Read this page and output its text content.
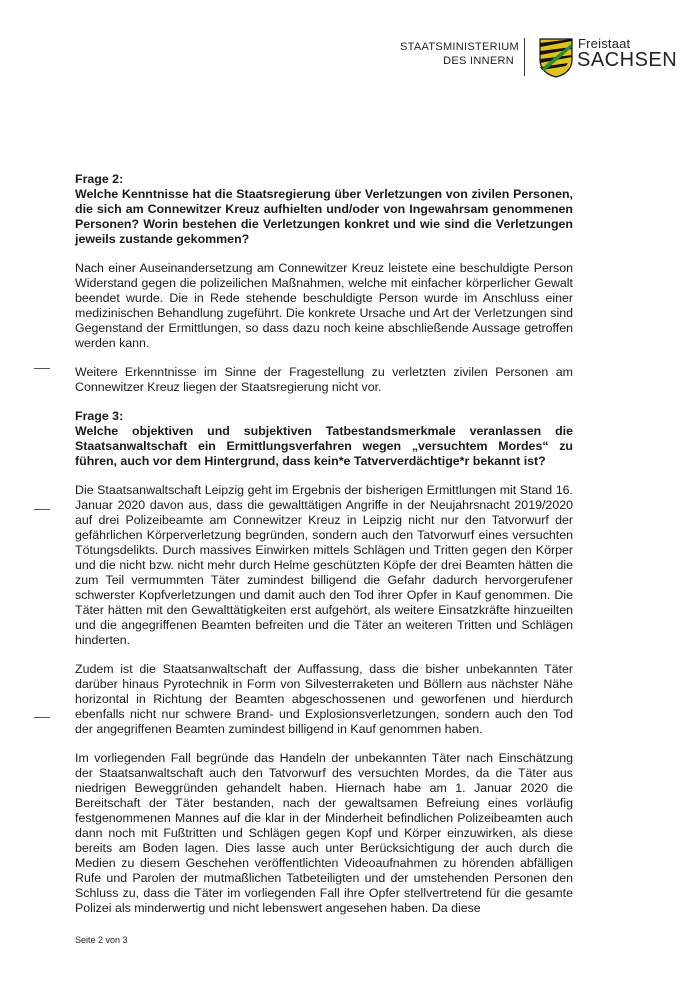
STAATSMINISTERIUM
DES INNERN
Freistaat
SACHSEN

Frage 2:

Welche Kenntnisse hat die Staatsregierung über Verletzungen von zivilen Personen, die sich am Connewitzer Kreuz aufhielten und/oder von Ingewahrsam genommenen Personen? Worin bestehen die Verletzungen konkret und wie sind die Verletzungen jeweils zustande gekommen?

Nach einer Auseinandersetzung am Connewitzer Kreuz leistete eine beschuldigte Person Widerstand gegen die polizeilichen Maßnahmen, welche mit einfacher körperlicher Gewalt beendet wurde. Die in Rede stehende beschuldigte Person wurde im Anschluss einer medizinischen Behandlung zugeführt. Die konkrete Ursache und Art der Verletzungen sind Gegenstand der Ermittlungen, so dass dazu noch keine abschließende Aussage getroffen werden kann.

Weitere Erkenntnisse im Sinne der Fragestellung zu verletzten zivilen Personen am Connewitzer Kreuz liegen der Staatsregierung nicht vor.

Frage 3:

Welche objektiven und subjektiven Tatbestandsmerkmale veranlassen die Staatsanwaltschaft ein Ermittlungsverfahren wegen „versuchtem Mordes“ zu führen, auch vor dem Hintergrund, dass kein*e Tatververdächtige*r bekannt ist?

Die Staatsanwaltschaft Leipzig geht im Ergebnis der bisherigen Ermittlungen mit Stand 16. Januar 2020 davon aus, dass die gewalttätigen Angriffe in der Neujahrsnacht 2019/2020 auf drei Polizeibeamte am Connewitzer Kreuz in Leipzig nicht nur den Tatvorwurf der gefährlichen Körperverletzung begründen, sondern auch den Tatvorwurf eines versuchten Tötungsdelikts. Durch massives Einwirken mittels Schlägen und Tritten gegen den Körper und die nicht bzw. nicht mehr durch Helme geschützten Köpfe der drei Beamten hätten die zum Teil vermummten Täter zumindest billigend die Gefahr dadurch hervorgerufener schwerster Kopfverletzungen und damit auch den Tod ihrer Opfer in Kauf genommen. Die Täter hätten mit den Gewalttätigkeiten erst aufgehört, als weitere Einsatzkräfte hinzueilten und die angegriffenen Beamten befreiten und die Täter an weiteren Tritten und Schlägen hinderten.

Zudem ist die Staatsanwaltschaft der Auffassung, dass die bisher unbekannten Täter darüber hinaus Pyrotechnik in Form von Silvesterraketen und Böllern aus nächster Nähe horizontal in Richtung der Beamten abgeschossenen und geworfenen und hierdurch ebenfalls nicht nur schwere Brand- und Explosionsverletzungen, sondern auch den Tod der angegriffenen Beamten zumindest billigend in Kauf genommen haben.

Im vorliegenden Fall begründe das Handeln der unbekannten Täter nach Einschätzung der Staatsanwaltschaft auch den Tatvorwurf des versuchten Mordes, da die Täter aus niedrigen Beweggründen gehandelt haben. Hiernach habe am 1. Januar 2020 die Bereitschaft der Täter bestanden, nach der gewaltsamen Befreiung eines vorläufig festgenommenen Mannes auf die klar in der Minderheit befindlichen Polizeibeamten auch dann noch mit Fußtritten und Schlägen gegen Kopf und Körper einzuwirken, als diese bereits am Boden lagen. Dies lasse auch unter Berücksichtigung der auch durch die Medien zu diesem Geschehen veröffentlichten Videoaufnahmen zu hörenden abfälligen Rufe und Parolen der mutmaßlichen Tatbeteiligten und der umstehenden Personen den Schluss zu, dass die Täter im vorliegenden Fall ihre Opfer stellvertretend für die gesamte Polizei als minderwertig und nicht lebenswert angesehen haben. Da diese

Seite 2 von 3
